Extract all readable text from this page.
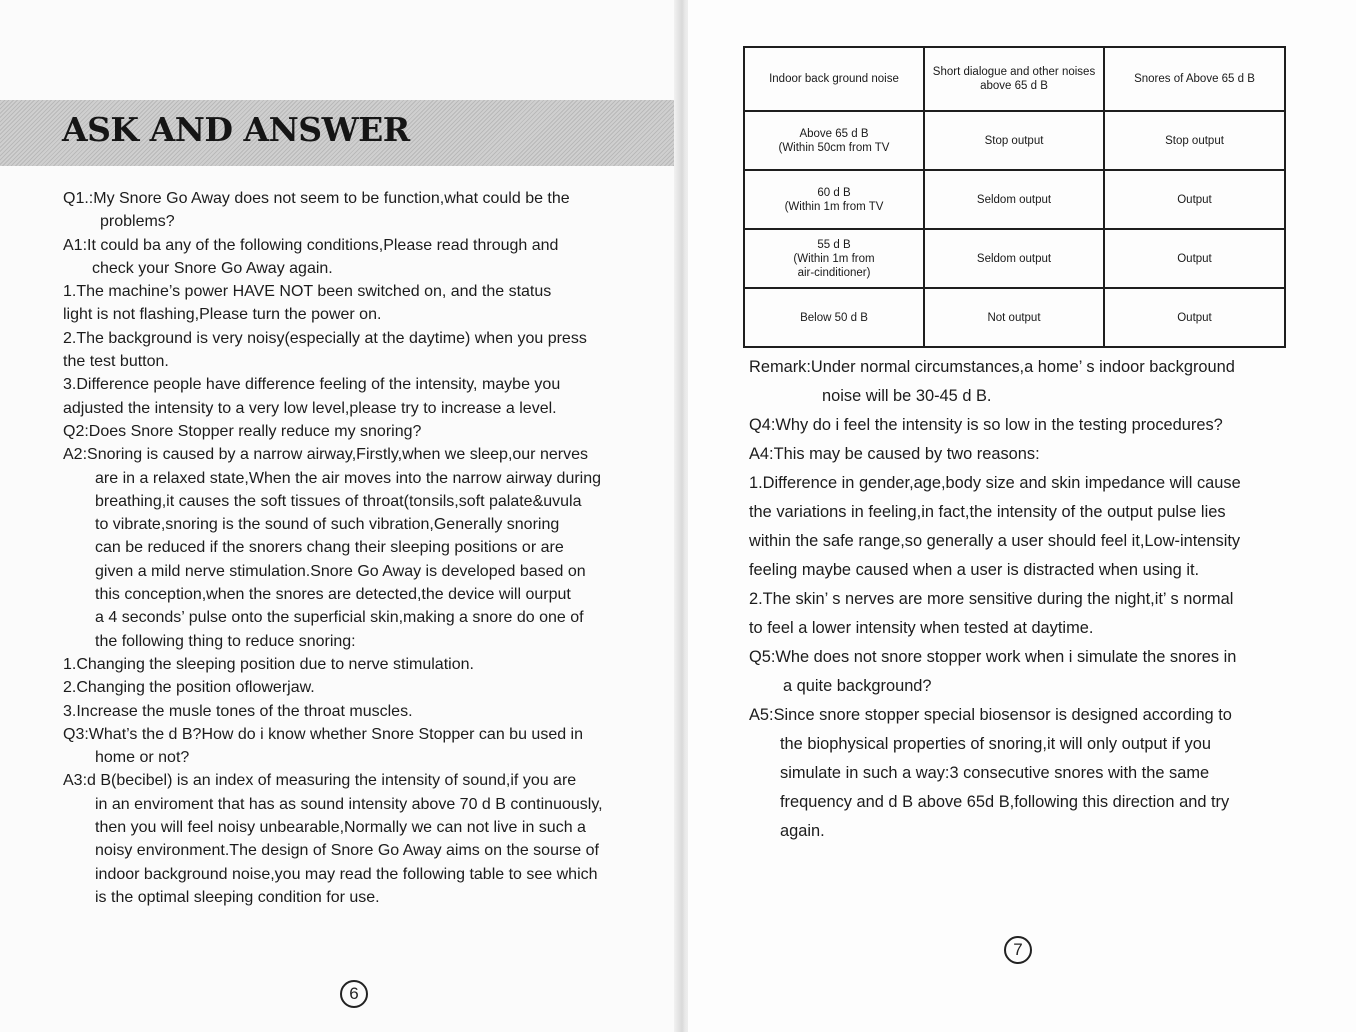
ASK AND ANSWER

Q1.:My Snore Go Away does not seem to be function,what could be the

problems?

A1:It could ba any of the following conditions,Please read through and

check your Snore Go Away again.

1.The machine’s power HAVE NOT been switched on, and the status

light is not flashing,Please turn the power on.

2.The background is very noisy(especially at the daytime) when you press

the test button.

3.Difference people have difference feeling of the intensity, maybe you

adjusted the intensity to a very low level,please try to increase a level.

Q2:Does Snore Stopper really reduce my snoring?

A2:Snoring is caused by a narrow airway,Firstly,when we sleep,our nerves

are in a relaxed state,When the air moves into the narrow airway during

breathing,it causes the soft tissues of throat(tonsils,soft palate&uvula

to vibrate,snoring is the sound of such vibration,Generally snoring

can be reduced if the snorers chang their sleeping positions or are

given a mild nerve stimulation.Snore Go Away is developed based on

this conception,when the snores are detected,the device will ourput

a 4 seconds’ pulse onto the superficial skin,making a snore do one of

the following thing to reduce snoring:

1.Changing the sleeping position due to nerve stimulation.

2.Changing the position oflowerjaw.

3.Increase the musle tones of the throat muscles.

Q3:What’s the d B?How do i know whether Snore Stopper can bu used in

home or not?

A3:d B(becibel) is an index of measuring the intensity of sound,if you are

in an enviroment that has as sound intensity above 70 d B continuously,

then you will feel noisy unbearable,Normally we can not live in such a

noisy environment.The design of Snore Go Away aims on the sourse of

indoor background noise,you may read the following table to see which

is the optimal sleeping condition for use.

6
Indoor back ground noise	Short dialogue and other noises above 65 d B	Snores of Above 65 d B

Above 65 d B
(Within 50cm from TV	Stop output	Stop output

60 d B
(Within 1m from TV	Seldom output	Output

55 d B
(Within 1m from
air-cinditioner)	Seldom output	Output

Below 50 d B	Not output	Output

Remark:Under normal circumstances,a home’ s indoor background

noise will be 30-45 d B.

Q4:Why do i feel the intensity is so low in the testing procedures?

A4:This may be caused by two reasons:

1.Difference in gender,age,body size and skin impedance will cause

the variations in feeling,in fact,the intensity of the output pulse lies

within the safe range,so generally a user should feel it,Low-intensity

feeling maybe caused when a user is distracted when using it.

2.The skin’ s nerves are more sensitive during the night,it’ s normal

to feel a lower intensity when tested at daytime.

Q5:Whe does not snore stopper work when i simulate the snores in

a quite background?

A5:Since snore stopper special biosensor is designed according to

the biophysical properties of snoring,it will only output if you

simulate in such a way:3 consecutive snores with the same

frequency and d B above 65d B,following this direction and try

again.

7
